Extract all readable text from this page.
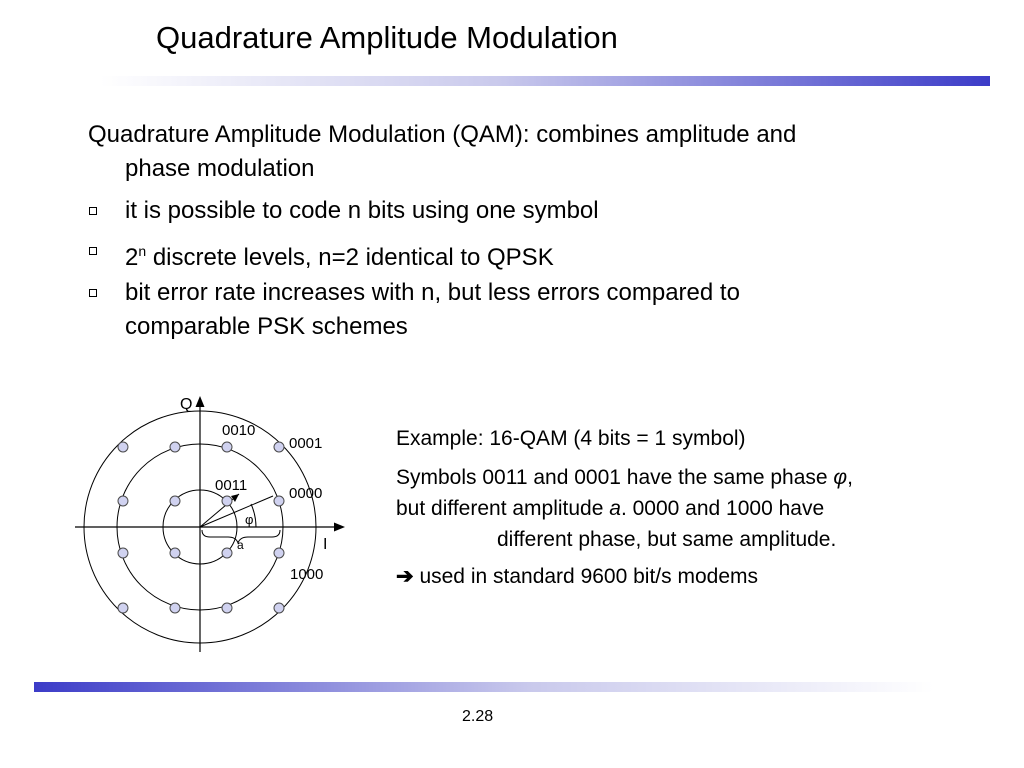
Quadrature Amplitude Modulation
Quadrature Amplitude Modulation (QAM): combines amplitude and
phase modulation
it is possible to code n bits using one symbol
2$^n$ discrete levels, n=2 identical to QPSK
bit error rate increases with n, but less errors compared to
comparable PSK schemes
Q
I
φ
a
0010
0001
0011	0000
1000
Example: 16-QAM (4 bits = 1 symbol)
Symbols 0011 and 0001 have the same phase φ,
but different amplitude a. 0000 and 1000 have
different phase, but same amplitude.
➔ used in standard 9600 bit/s modems
2.28
